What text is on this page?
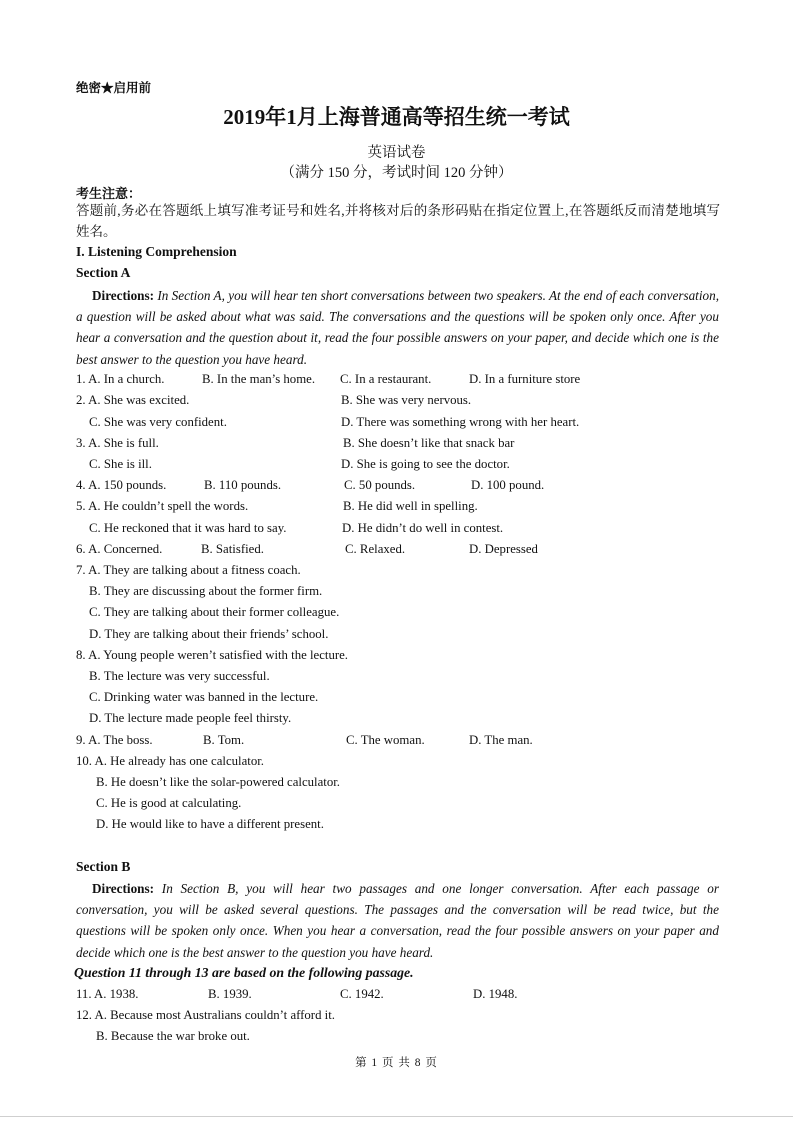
绝密★启用前
2019年1月上海普通高等招生统一考试
英语试卷
（满分 150 分，考试时间 120 分钟）
考生注意：
答题前,务必在答题纸上填写准考证号和姓名,并将核对后的条形码贴在指定位置上,在答题纸反而清楚地填写姓名。
I. Listening Comprehension
Section A
Directions: In Section A, you will hear ten short conversations between two speakers. At the end of each conversation, a question will be asked about what was said. The conversations and the questions will be spoken only once. After you hear a conversation and the question about it, read the four possible answers on your paper, and decide which one is the best answer to the question you have heard.
1. A. In a church.	B. In the man’s home. C. In a restaurant.	D. In a furniture store
2. A. She was excited.	B. She was very nervous.
C. She was very confident.	D. There was something wrong with her heart.
3. A. She is full.	B. She doesn’t like that snack bar
C. She is ill.	D. She is going to see the doctor.
4. A. 150 pounds.	B. 110 pounds.	C. 50 pounds.	D. 100 pound.
5. A. He couldn’t spell the words.	B. He did well in spelling.
C. He reckoned that it was hard to say.	D. He didn’t do well in contest.
6. A. Concerned.	B. Satisfied.	C. Relaxed.	D. Depressed
7. A. They are talking about a fitness coach.
B. They are discussing about the former firm.
C. They are talking about their former colleague.
D. They are talking about their friends’ school.
8. A. Young people weren’t satisfied with the lecture.
B. The lecture was very successful.
C. Drinking water was banned in the lecture.
D. The lecture made people feel thirsty.
9. A. The boss.	B. Tom.	C. The woman.	D. The man.
10. A. He already has one calculator.
B. He doesn’t like the solar-powered calculator.
C. He is good at calculating.
D. He would like to have a different present.
Section B
Directions: In Section B, you will hear two passages and one longer conversation. After each passage or conversation, you will be asked several questions. The passages and the conversation will be read twice, but the questions will be spoken only once. When you hear a conversation, read the four possible answers on your paper and decide which one is the best answer to the question you have heard.
Question 11 through 13 are based on the following passage.
11. A. 1938.	B. 1939.	C. 1942.	D. 1948.
12. A. Because most Australians couldn’t afford it.
B. Because the war broke out.
第 1 页 共 8 页
